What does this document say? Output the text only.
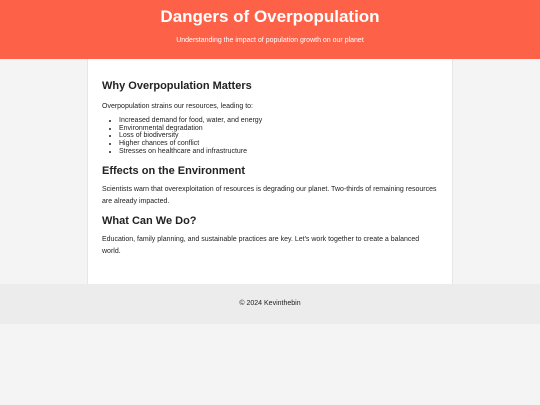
Dangers of Overpopulation

Understanding the impact of population growth on our planet

Why Overpopulation Matters

Overpopulation strains our resources, leading to:

• Increased demand for food, water, and energy
• Environmental degradation
• Loss of biodiversity
• Higher chances of conflict
• Stresses on healthcare and infrastructure
Effects on the Environment

Scientists warn that overexploitation of resources is degrading our planet. Two-thirds of remaining resources are already impacted.

What Can We Do?

Education, family planning, and sustainable practices are key. Let's work together to create a balanced world.

© 2024 Kevinthebin
